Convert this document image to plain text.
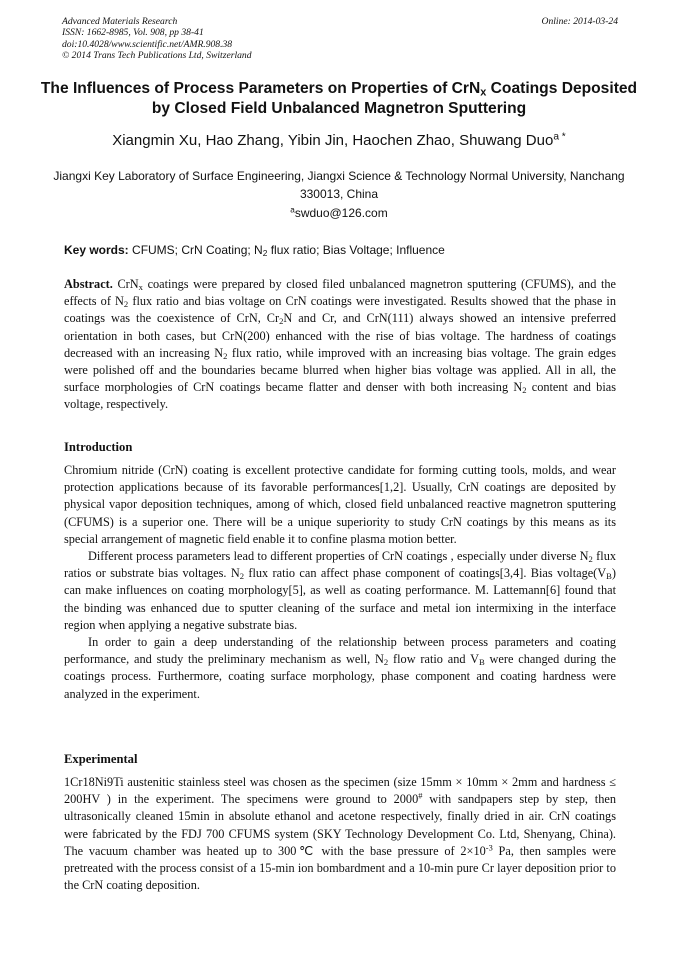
Advanced Materials Research
ISSN: 1662-8985, Vol. 908, pp 38-41
doi:10.4028/www.scientific.net/AMR.908.38
© 2014 Trans Tech Publications Ltd, Switzerland
Online: 2014-03-24
The Influences of Process Parameters on Properties of CrN$_x$ Coatings Deposited by Closed Field Unbalanced Magnetron Sputtering
Xiangmin Xu, Hao Zhang, Yibin Jin, Haochen Zhao, Shuwang Duo$^{a *}$
Jiangxi Key Laboratory of Surface Engineering, Jiangxi Science & Technology Normal University, Nanchang 330013, China
$^a$swduo@126.com
Key words: CFUMS; CrN Coating; $N_2$ flux ratio; Bias Voltage; Influence
Abstract. CrN$_x$ coatings were prepared by closed filed unbalanced magnetron sputtering (CFUMS), and the effects of $N_2$ flux ratio and bias voltage on CrN coatings were investigated. Results showed that the phase in coatings was the coexistence of CrN, $Cr_2N$ and Cr, and CrN(111) always showed an intensive preferred orientation in both cases, but CrN(200) enhanced with the rise of bias voltage. The hardness of coatings decreased with an increasing $N_2$ flux ratio, while improved with an increasing bias voltage. The grain edges were polished off and the boundaries became blurred when higher bias voltage was applied. All in all, the surface morphologies of CrN coatings became flatter and denser with both increasing $N_2$ content and bias voltage, respectively.
Introduction

Chromium nitride (CrN) coating is excellent protective candidate for forming cutting tools, molds, and wear protection applications because of its favorable performances[1,2]. Usually, CrN coatings are deposited by physical vapor deposition techniques, among of which, closed field unbalanced reactive magnetron sputtering (CFUMS) is a superior one. There will be a unique superiority to study CrN coatings by this means as its special arrangement of magnetic field enable it to confine plasma motion better.

Different process parameters lead to different properties of CrN coatings , especially under diverse $N_2$ flux ratios or substrate bias voltages. $N_2$ flux ratio can affect phase component of coatings[3,4]. Bias $voltage(V_B)$ can make influences on coating morphology[5], as well as coating performance. M. Lattemann[6] found that the binding was enhanced due to sputter cleaning of the surface and metal ion intermixing in the interface region when applying a negative substrate bias.

In order to gain a deep understanding of the relationship between process parameters and coating performance, and study the preliminary mechanism as well, $N_2$ flow ratio and $V_B$ were changed during the coatings process. Furthermore, coating surface morphology, phase component and coating hardness were analyzed in the experiment.

Experimental
1Cr18Ni9Ti austenitic stainless steel was chosen as the specimen (size 15mm × 10mm × 2mm and hardness ≤ 200HV ) in the experiment. The specimens were ground to 2000# with sandpapers step by step, then ultrasonically cleaned 15min in absolute ethanol and acetone respectively, finally dried in air. CrN coatings were fabricated by the FDJ 700 CFUMS system (SKY Technology Development Co. Ltd, Shenyang, China). The vacuum chamber was heated up to 300℃ with the base pressure of $2\times 10^{-3}$ Pa, then samples were pretreated with the process consist of a 15-min ion bombardment and a 10-min pure Cr layer deposition prior to the CrN coating deposition.
